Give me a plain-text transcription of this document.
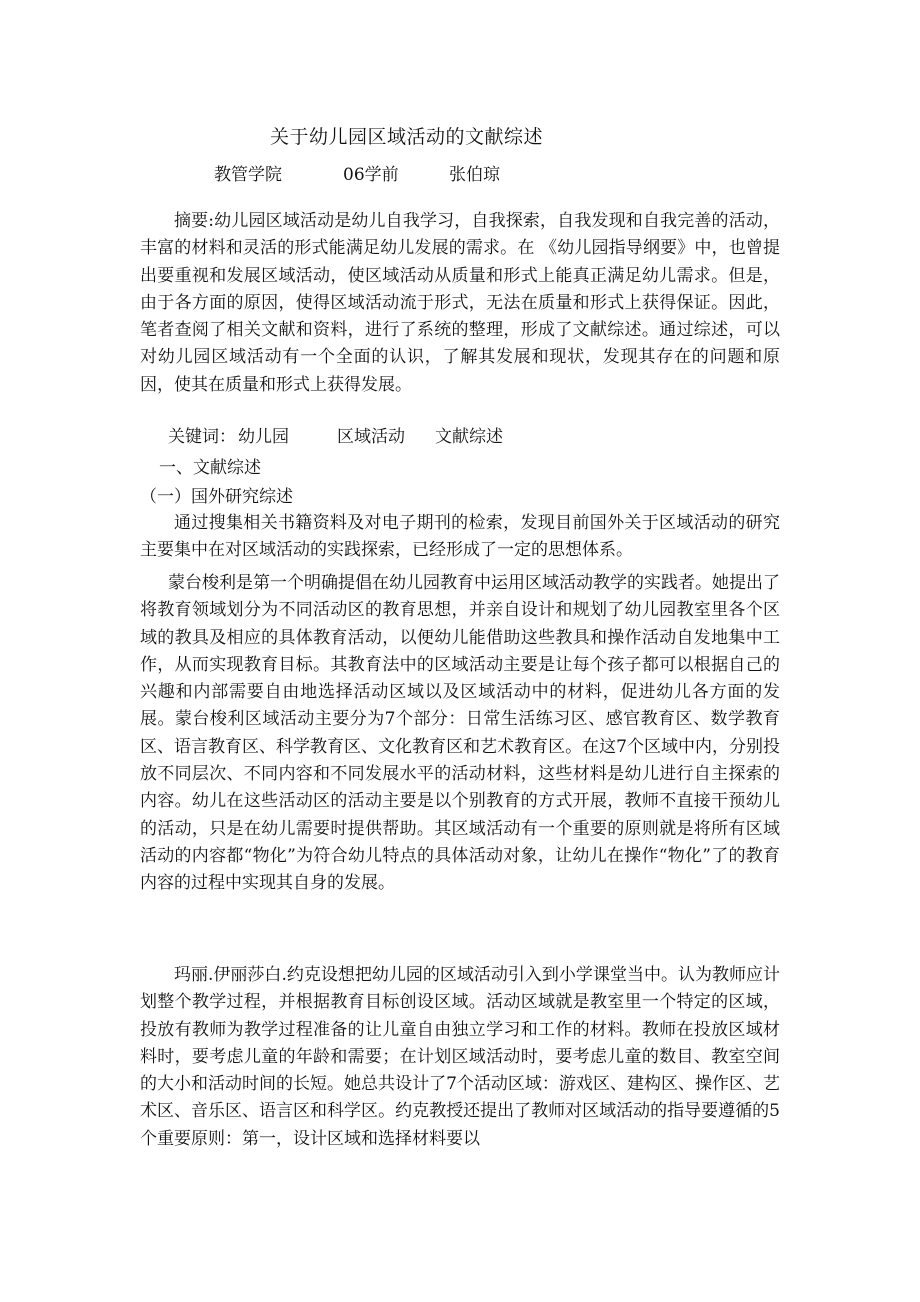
关于幼儿园区域活动的文献综述
教管学院	06学前	张伯琼
摘要:幼儿园区域活动是幼儿自我学习，自我探索，自我发现和自我完善的活动，丰富的材料和灵活的形式能满足幼儿发展的需求。在 《幼儿园指导纲要》中，也曾提出要重视和发展区域活动，使区域活动从质量和形式上能真正满足幼儿需求。但是，由于各方面的原因，使得区域活动流于形式，无法在质量和形式上获得保证。因此，笔者查阅了相关文献和资料，进行了系统的整理，形成了文献综述。通过综述，可以对幼儿园区域活动有一个全面的认识，了解其发展和现状，发现其存在的问题和原因，使其在质量和形式上获得发展。
关键词： 幼儿园	区域活动 文献综述
一、文献综述
（一）国外研究综述
通过搜集相关书籍资料及对电子期刊的检索，发现目前国外关于区域活动的研究主要集中在对区域活动的实践探索，已经形成了一定的思想体系。
蒙台梭利是第一个明确提倡在幼儿园教育中运用区域活动教学的实践者。她提出了将教育领域划分为不同活动区的教育思想，并亲自设计和规划了幼儿园教室里各个区域的教具及相应的具体教育活动，以便幼儿能借助这些教具和操作活动自发地集中工作，从而实现教育目标。其教育法中的区域活动主要是让每个孩子都可以根据自己的兴趣和内部需要自由地选择活动区域以及区域活动中的材料，促进幼儿各方面的发展。蒙台梭利区域活动主要分为7个部分：日常生活练习区、感官教育区、数学教育区、语言教育区、科学教育区、文化教育区和艺术教育区。在这7个区域中内，分别投放不同层次、不同内容和不同发展水平的活动材料，这些材料是幼儿进行自主探索的内容。幼儿在这些活动区的活动主要是以个别教育的方式开展，教师不直接干预幼儿的活动，只是在幼儿需要时提供帮助。其区域活动有一个重要的原则就是将所有区域活动的内容都“物化”为符合幼儿特点的具体活动对象，让幼儿在操作“物化”了的教育内容的过程中实现其自身的发展。
玛丽.伊丽莎白.约克设想把幼儿园的区域活动引入到小学课堂当中。认为教师应计划整个教学过程，并根据教育目标创设区域。活动区域就是教室里一个特定的区域，投放有教师为教学过程准备的让儿童自由独立学习和工作的材料。教师在投放区域材料时，要考虑儿童的年龄和需要；在计划区域活动时，要考虑儿童的数目、教室空间的大小和活动时间的长短。她总共设计了7个活动区域：游戏区、建构区、操作区、艺术区、音乐区、语言区和科学区。约克教授还提出了教师对区域活动的指导要遵循的5个重要原则：第一，设计区域和选择材料要以
